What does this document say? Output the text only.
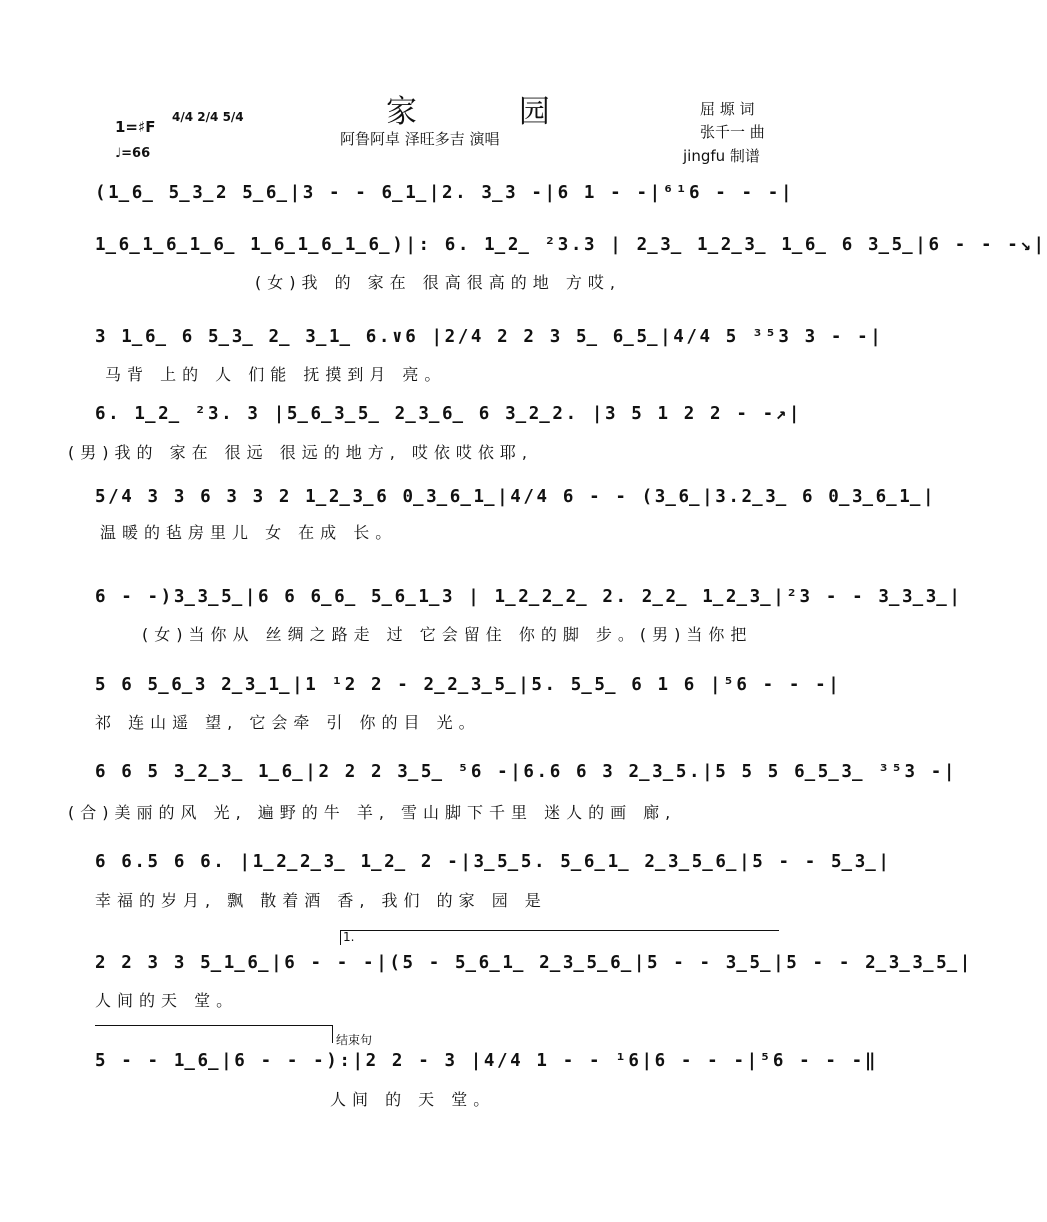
家 园
阿鲁阿卓 泽旺多吉 演唱
屈 塬 词
张千一 曲
jingfu 制谱
1=♯F
4/4 2/4 5/4
♩=66
(1̲6̲ 5̲3̲2 5̲6̲|3 - - 6̲1̲|2. 3̲3 -|6 1 - -|⁶¹6 - - -|
1̲6̲1̲6̲1̲6̲ 1̲6̲1̲6̲1̲6̲)|: 6. 1̲2̲ ²3.3 | 2̲3̲ 1̲2̲3̲ 1̲6̲ 6 3̲5̲|6 - - -↘|
(女)我 的 家在 很高很高的地 方哎,
3 1̲6̲ 6 5̲3̲ 2̲ 3̲1̲ 6.∨6 |2/4 2 2 3 5̲ 6̲5̲|4/4 5 ³⁵3 3 - -|
马背 上的 人 们能 抚摸到月 亮。
6. 1̲2̲ ²3. 3 |5̲6̲3̲5̲ 2̲3̲6̲ 6 3̲2̲2. |3 5 1 2 2 - -↗|
(男)我的 家在 很远 很远的地方, 哎依哎依耶,
5/4 3 3 6 3 3 2 1̲2̲3̲6 0̲3̲6̲1̲|4/4 6 - - (3̲6̲|3.2̲3̲ 6 0̲3̲6̲1̲|
温暖的毡房里儿 女 在成 长。
6 - -)3̲3̲5̲|6 6 6̲6̲ 5̲6̲1̲3 | 1̲2̲2̲2̲ 2. 2̲2̲ 1̲2̲3̲|²3 - - 3̲3̲3̲|
(女)当你从 丝绸之路走 过 它会留住 你的脚 步。(男)当你把
5 6 5̲6̲3 2̲3̲1̲|1 ¹2 2 - 2̲2̲3̲5̲|5. 5̲5̲ 6 1 6 |⁵6 - - -|
祁 连山遥 望, 它会牵 引 你的目 光。
6 6 5 3̲2̲3̲ 1̲6̲|2 2 2 3̲5̲ ⁵6 -|6.6 6 3 2̲3̲5.|5 5 5 6̲5̲3̲ ³⁵3 -|
(合)美丽的风 光, 遍野的牛 羊, 雪山脚下千里 迷人的画 廊,
6 6.5 6 6. |1̲2̲2̲3̲ 1̲2̲ 2 -|3̲5̲5. 5̲6̲1̲ 2̲3̲5̲6̲|5 - - 5̲3̲|
幸福的岁月, 飘 散着酒 香, 我们 的家 园 是
1.
2 2 3 3 5̲1̲6̲|6 - - -|(5 - 5̲6̲1̲ 2̲3̲5̲6̲|5 - - 3̲5̲|5 - - 2̲3̲3̲5̲|
人间的天 堂。
结束句
5 - - 1̲6̲|6 - - -):|2 2 - 3 |4/4 1 - - ¹6|6 - - -|⁵6 - - -‖
人间 的 天 堂。
